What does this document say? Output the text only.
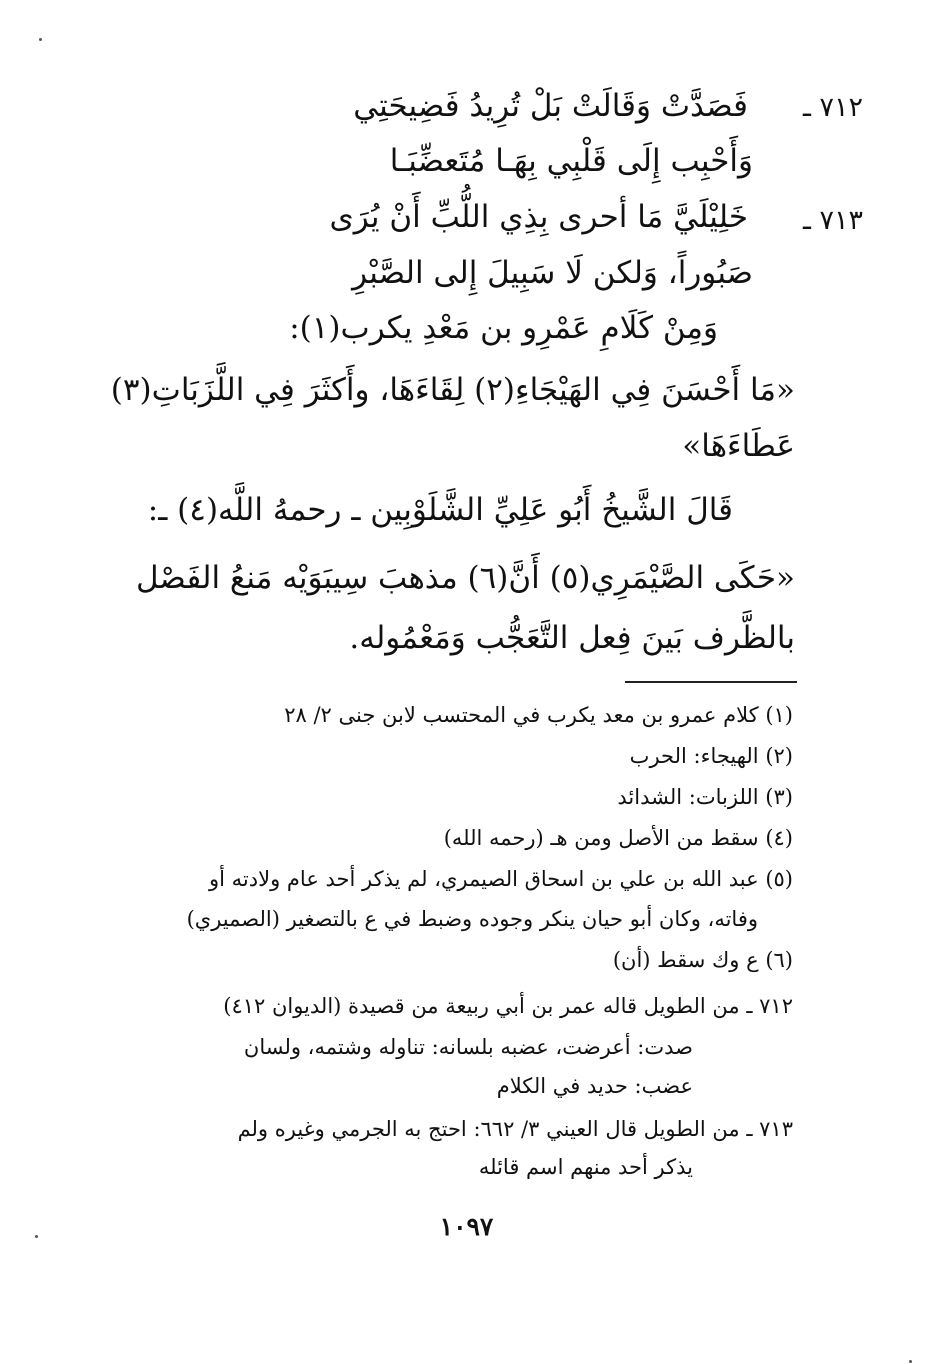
٧١٢ ـ
فَصَدَّتْ وَقَالَتْ بَلْ تُرِيدُ فَضِيحَتِي
وَأَحْبِب إِلَى قَلْبِي بِهَـا مُتَعضِّبَـا
٧١٣ ـ
خَلِيْلَيَّ مَا أحرى بِذِي اللُّبِّ أَنْ يُرَى
صَبُوراً، وَلكن لَا سَبِيلَ إِلى الصَّبْرِ
وَمِنْ كَلَامِ عَمْرِو بن مَعْدِ يكرب(١):
«مَا أَحْسَنَ فِي الهَيْجَاءِ(٢) لِقَاءَهَا، وأَكثَرَ فِي اللَّزَبَاتِ(٣)
عَطَاءَهَا»
قَالَ الشَّيخُ أَبُو عَلِيِّ الشَّلَوْبِين ـ رحمهُ اللَّه(٤) ـ:
«حَكَى الصَّيْمَرِي(٥) أَنَّ(٦) مذهبَ سِيبَوَيْه مَنعُ الفَصْل
بالظَّرف بَينَ فِعل التَّعَجُّب وَمَعْمُوله.
(١) كلام عمرو بن معد يكرب في المحتسب لابن جنى ٢/ ٢٨
(٢) الهيجاء: الحرب
(٣) اللزبات: الشدائد
(٤) سقط من الأصل ومن هـ (رحمه الله)
(٥) عبد الله بن علي بن اسحاق الصيمري، لم يذكر أحد عام ولادته أو
وفاته، وكان أبو حيان ينكر وجوده وضبط في ع بالتصغير (الصميري)
(٦) ع وك سقط (أن)
٧١٢ ـ من الطويل قاله عمر بن أبي ربيعة من قصيدة (الديوان ٤١٢)
صدت: أعرضت، عضبه بلسانه: تناوله وشتمه، ولسان
عضب: حديد في الكلام
٧١٣ ـ من الطويل قال العيني ٣/ ٦٦٢: احتج به الجرمي وغيره ولم
يذكر أحد منهم اسم قائله
١٠٩٧
